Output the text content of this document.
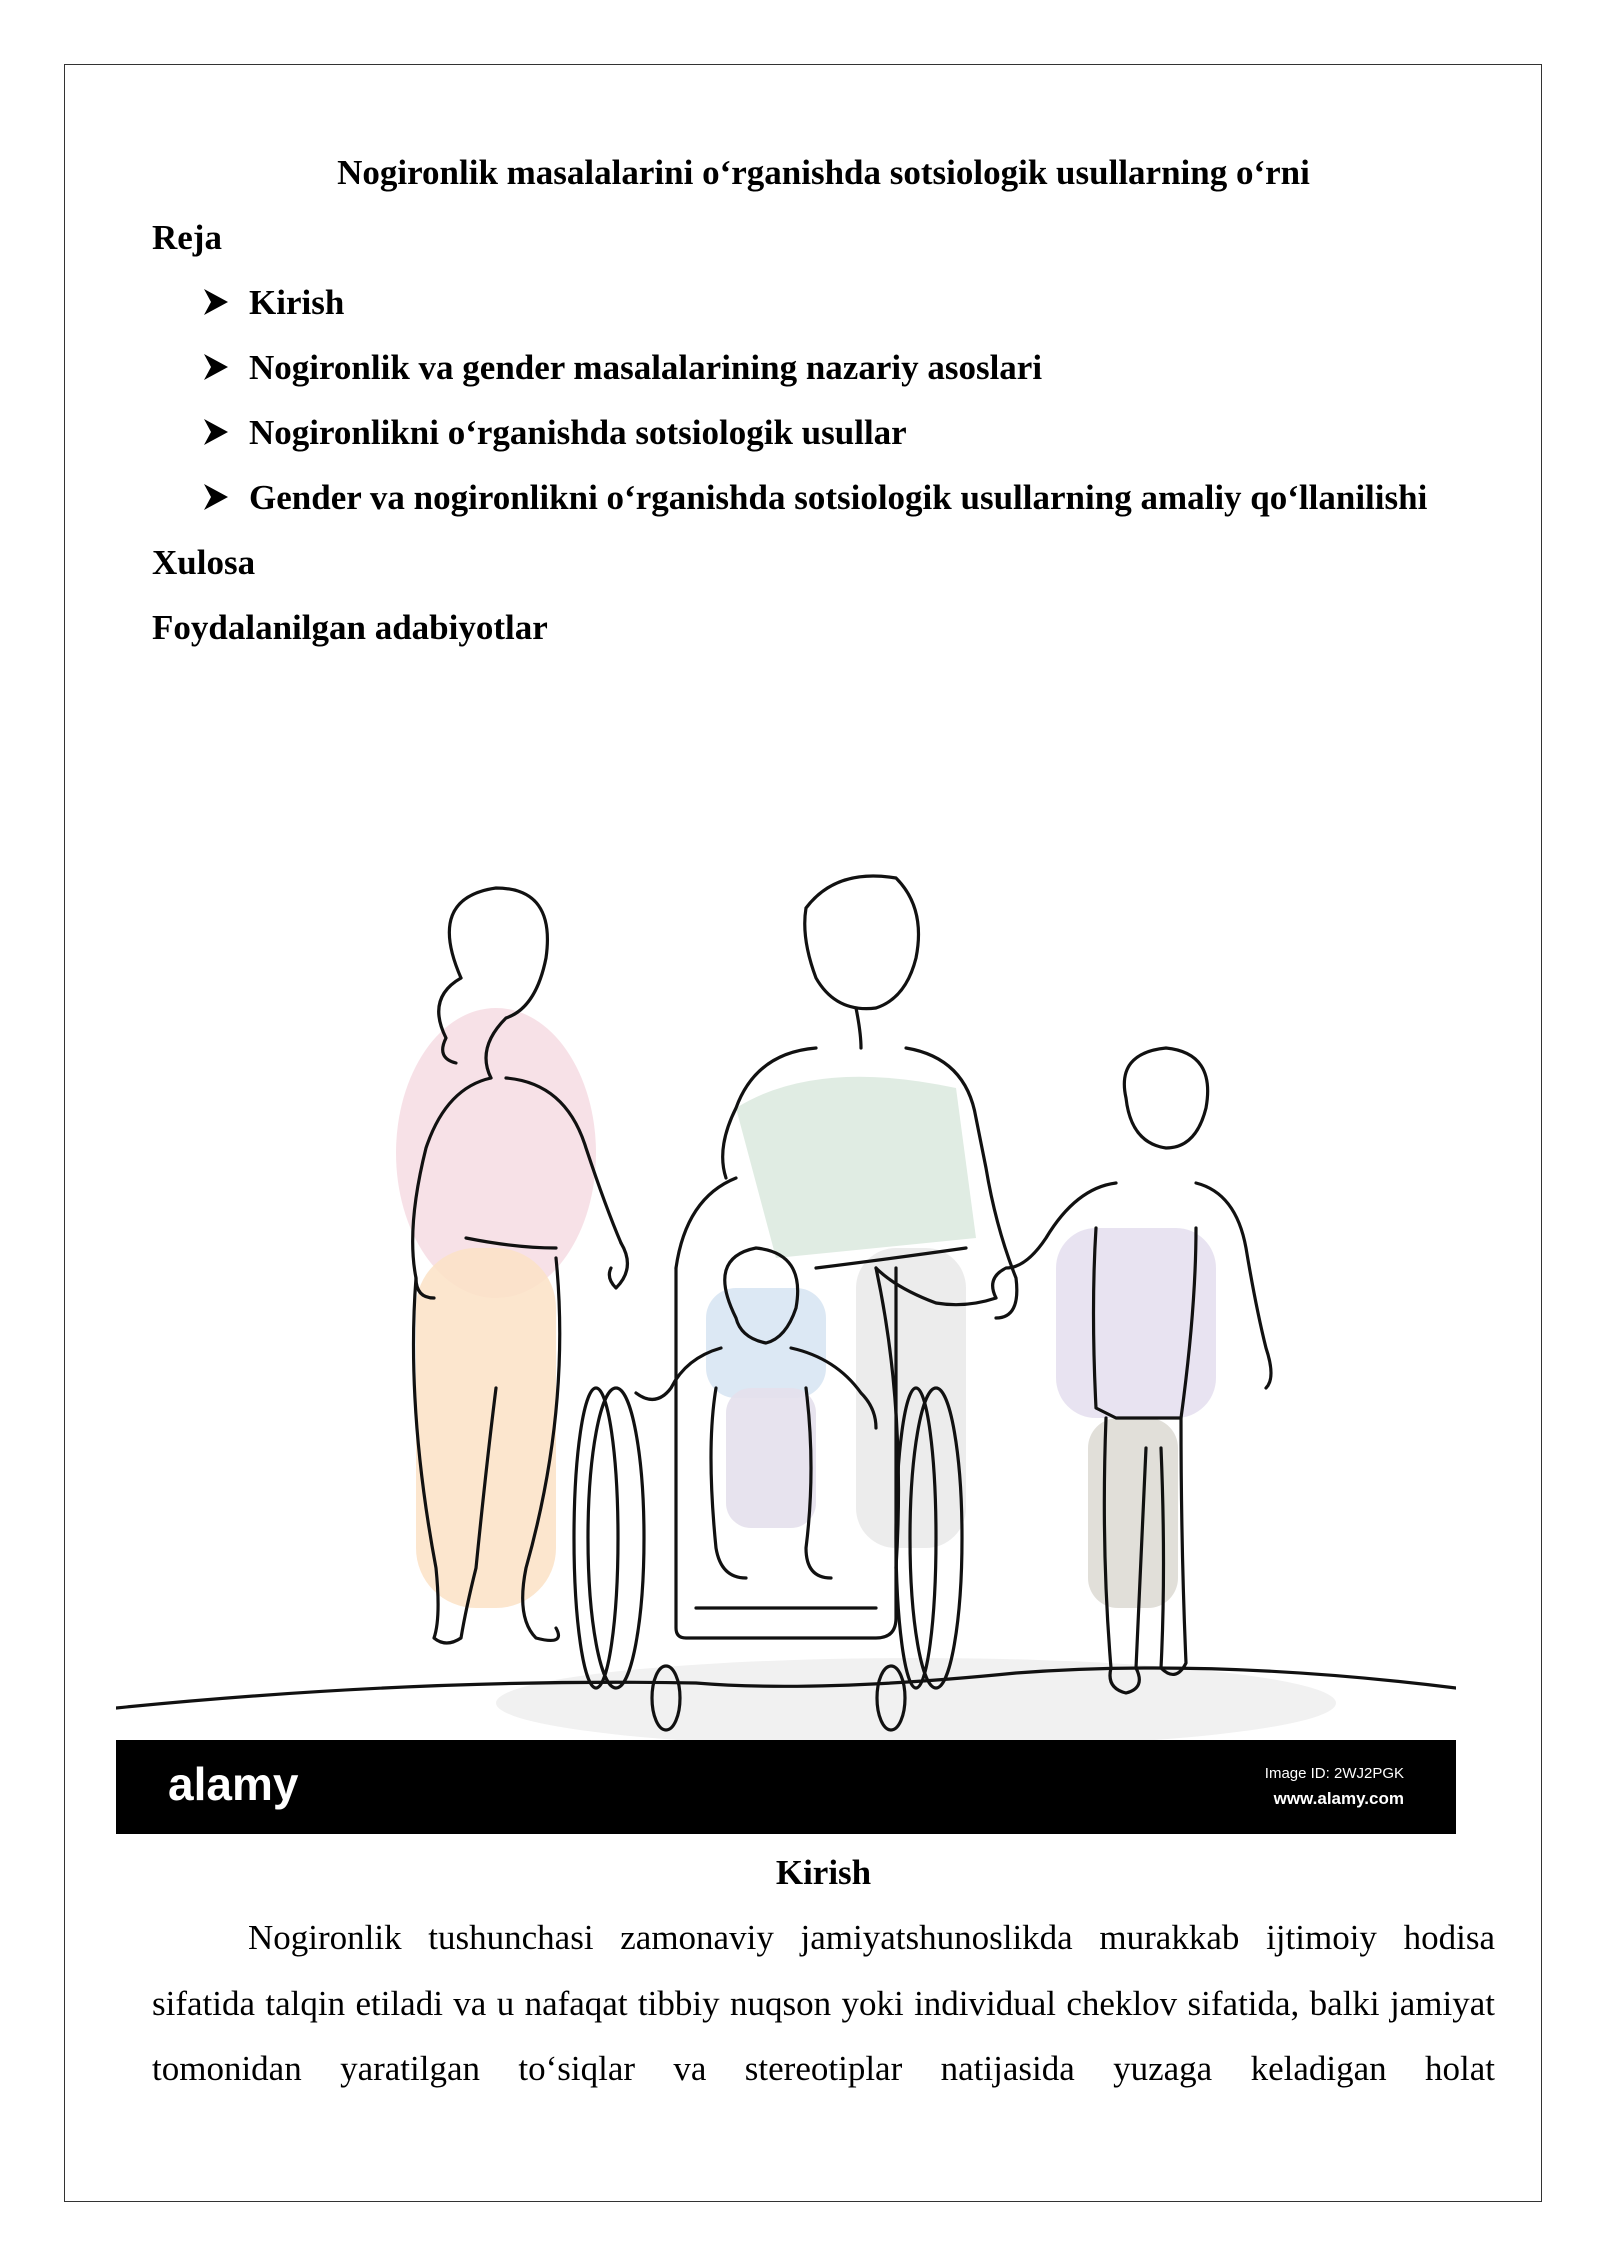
Nogironlik masalalarini o‘rganishda sotsiologik usullarning o‘rni

Reja

Kirish
Nogironlik va gender masalalarining nazariy asoslari
Nogironlikni o‘rganishda sotsiologik usullar
Gender va nogironlikni o‘rganishda sotsiologik usullarning amaliy qo‘llanilishi

Xulosa

Foydalanilgan adabiyotlar

alamy	Image ID: 2WJ2PGK
www.alamy.com

Kirish

Nogironlik tushunchasi zamonaviy jamiyatshunoslikda murakkab ijtimoiy hodisa sifatida talqin etiladi va u nafaqat tibbiy nuqson yoki individual cheklov sifatida, balki jamiyat tomonidan yaratilgan to‘siqlar va stereotiplar natijasida yuzaga keladigan holat
